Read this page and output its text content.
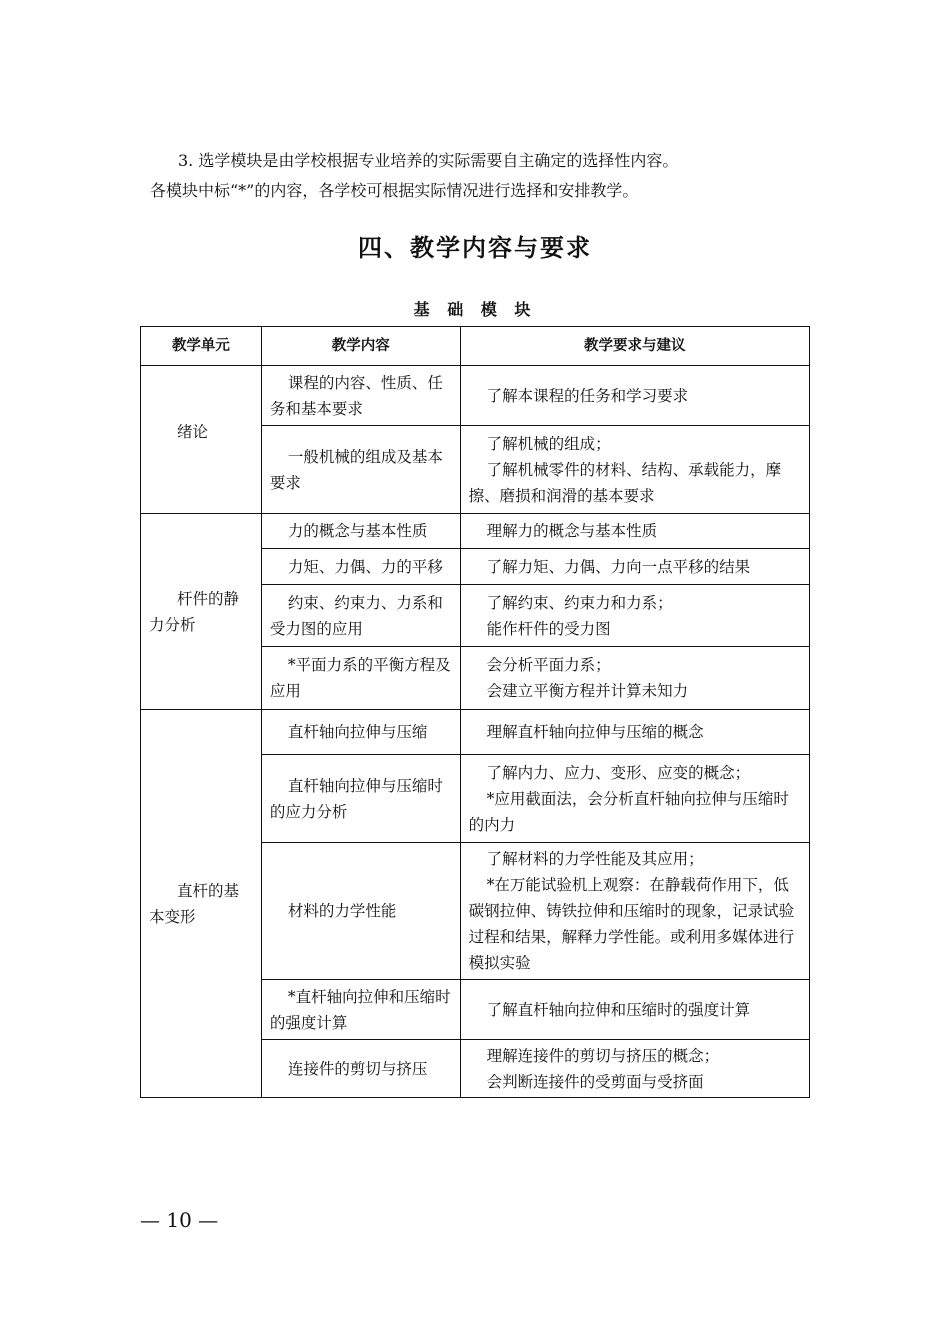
3. 选学模块是由学校根据专业培养的实际需要自主确定的选择性内容。

各模块中标“*”的内容，各学校可根据实际情况进行选择和安排教学。

四、教学内容与要求
基 础 模 块
教学单元	教学内容	教学要求与建议

绪论	课程的内容、性质、任务和基本要求	了解本课程的任务和学习要求

	一般机械的组成及基本要求	了解机械的组成；
了解机械零件的材料、结构、承载能力，摩擦、磨损和润滑的基本要求

杆件的静力分析	力的概念与基本性质	理解力的概念与基本性质

	力矩、力偶、力的平移	了解力矩、力偶、力向一点平移的结果

	约束、约束力、力系和受力图的应用	了解约束、约束力和力系；
能作杆件的受力图

	*平面力系的平衡方程及应用	会分析平面力系；
会建立平衡方程并计算未知力

直杆的基本变形	直杆轴向拉伸与压缩	理解直杆轴向拉伸与压缩的概念

	直杆轴向拉伸与压缩时的应力分析	了解内力、应力、变形、应变的概念；
*应用截面法，会分析直杆轴向拉伸与压缩时的内力

	材料的力学性能	了解材料的力学性能及其应用；
*在万能试验机上观察：在静载荷作用下，低碳钢拉伸、铸铁拉伸和压缩时的现象，记录试验过程和结果，解释力学性能。或利用多媒体进行模拟实验

	*直杆轴向拉伸和压缩时的强度计算	了解直杆轴向拉伸和压缩时的强度计算

	连接件的剪切与挤压	理解连接件的剪切与挤压的概念；
会判断连接件的受剪面与受挤面
— 10 —
